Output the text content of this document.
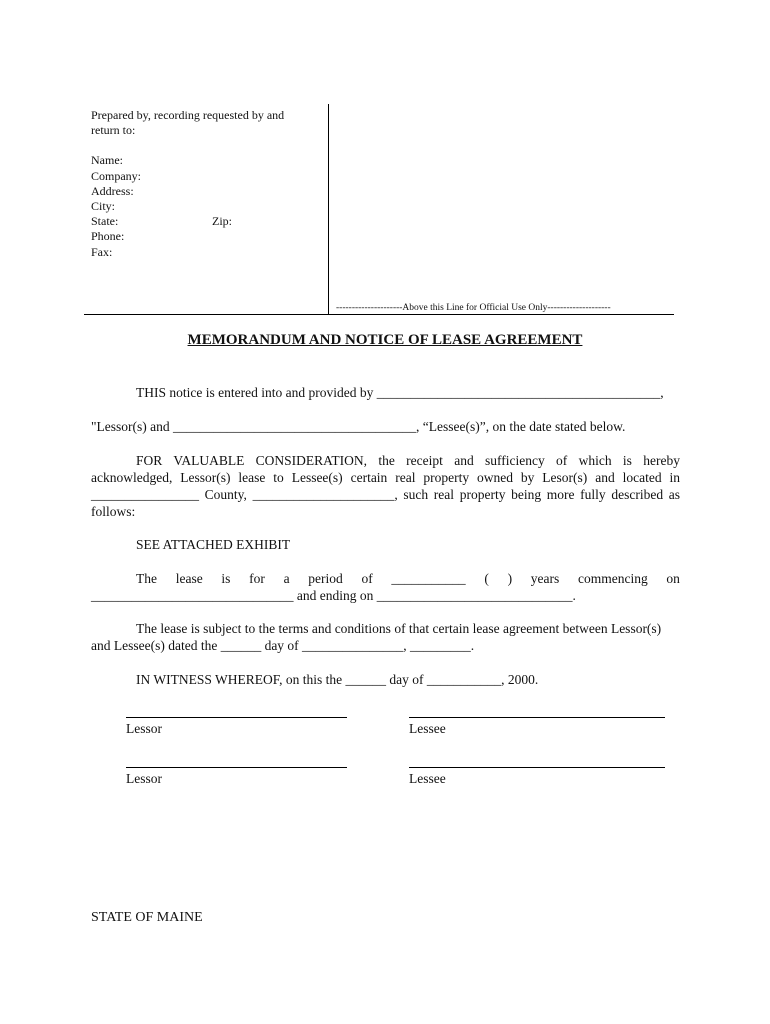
Prepared by, recording requested by and
return to:
Name:
Company:
Address:
City:
State:	Zip:
Phone:
Fax:
---------------------Above this Line for Official Use Only--------------------
MEMORANDUM AND NOTICE OF LEASE AGREEMENT
THIS notice is entered into and provided by __________________________________________,
"Lessor(s) and ____________________________________, “Lessee(s)”, on the date stated below.
FOR VALUABLE CONSIDERATION, the receipt and sufficiency of which is hereby
acknowledged, Lessor(s) lease to Lessee(s) certain real property owned by Lesor(s) and located in
________________ County, _____________________, such real property being more fully described as
follows:
SEE ATTACHED EXHIBIT
The lease is for a period of ___________ ( ) years commencing on
______________________________ and ending on _____________________________.
The lease is subject to the terms and conditions of that certain lease agreement between Lessor(s)
and Lessee(s) dated the ______ day of _______________, _________.
IN WITNESS WHEREOF, on this the ______ day of ___________, 2000.
Lessor	Lessee
Lessor	Lessee
STATE OF MAINE
